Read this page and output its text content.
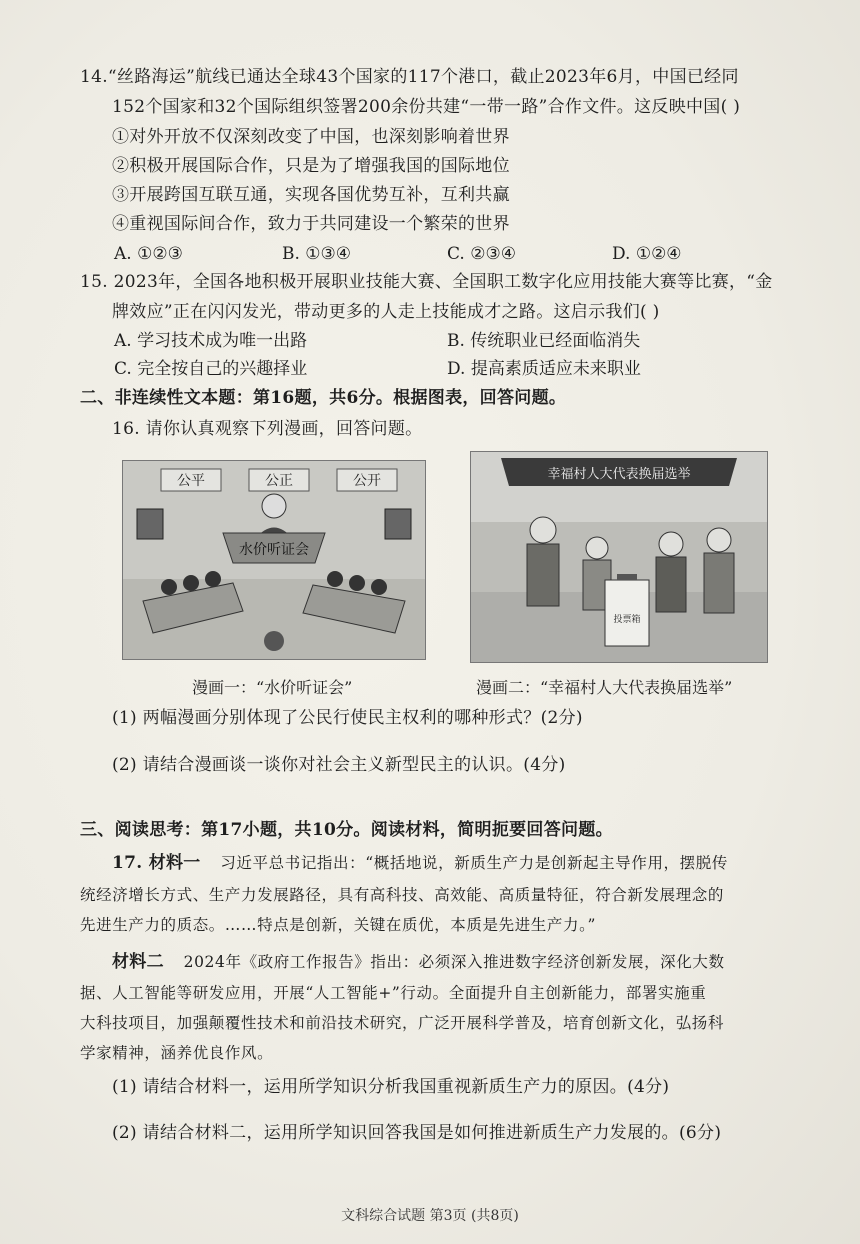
14.“丝路海运”航线已通达全球43个国家的117个港口，截止2023年6月，中国已经同
152个国家和32个国际组织签署200余份共建“一带一路”合作文件。这反映中国( )
①对外开放不仅深刻改变了中国，也深刻影响着世界
②积极开展国际合作，只是为了增强我国的国际地位
③开展跨国互联互通，实现各国优势互补，互利共赢
④重视国际间合作，致力于共同建设一个繁荣的世界
A. ①②③	B. ①③④	C. ②③④	D. ①②④
15. 2023年，全国各地积极开展职业技能大赛、全国职工数字化应用技能大赛等比赛，“金
牌效应”正在闪闪发光，带动更多的人走上技能成才之路。这启示我们( )
A. 学习技术成为唯一出路	B. 传统职业已经面临消失
C. 完全按自己的兴趣择业	D. 提高素质适应未来职业
二、非连续性文本题：第16题，共6分。根据图表，回答问题。
16. 请你认真观察下列漫画，回答问题。
公平	公正	公开
水价听证会
幸福村人大代表换届选举
投票箱
漫画一：“水价听证会”	漫画二：“幸福村人大代表换届选举”
(1) 两幅漫画分别体现了公民行使民主权利的哪种形式？(2分)
(2) 请结合漫画谈一谈你对社会主义新型民主的认识。(4分)
三、阅读思考：第17小题，共10分。阅读材料，简明扼要回答问题。
17. 材料一 习近平总书记指出：“概括地说，新质生产力是创新起主导作用，摆脱传
统经济增长方式、生产力发展路径，具有高科技、高效能、高质量特征，符合新发展理念的
先进生产力的质态。……特点是创新，关键在质优，本质是先进生产力。”
材料二 2024年《政府工作报告》指出：必须深入推进数字经济创新发展，深化大数
据、人工智能等研发应用，开展“人工智能+”行动。全面提升自主创新能力，部署实施重
大科技项目，加强颠覆性技术和前沿技术研究，广泛开展科学普及，培育创新文化，弘扬科
学家精神，涵养优良作风。
(1) 请结合材料一，运用所学知识分析我国重视新质生产力的原因。(4分)
(2) 请结合材料二，运用所学知识回答我国是如何推进新质生产力发展的。(6分)
文科综合试题 第3页 (共8页)
